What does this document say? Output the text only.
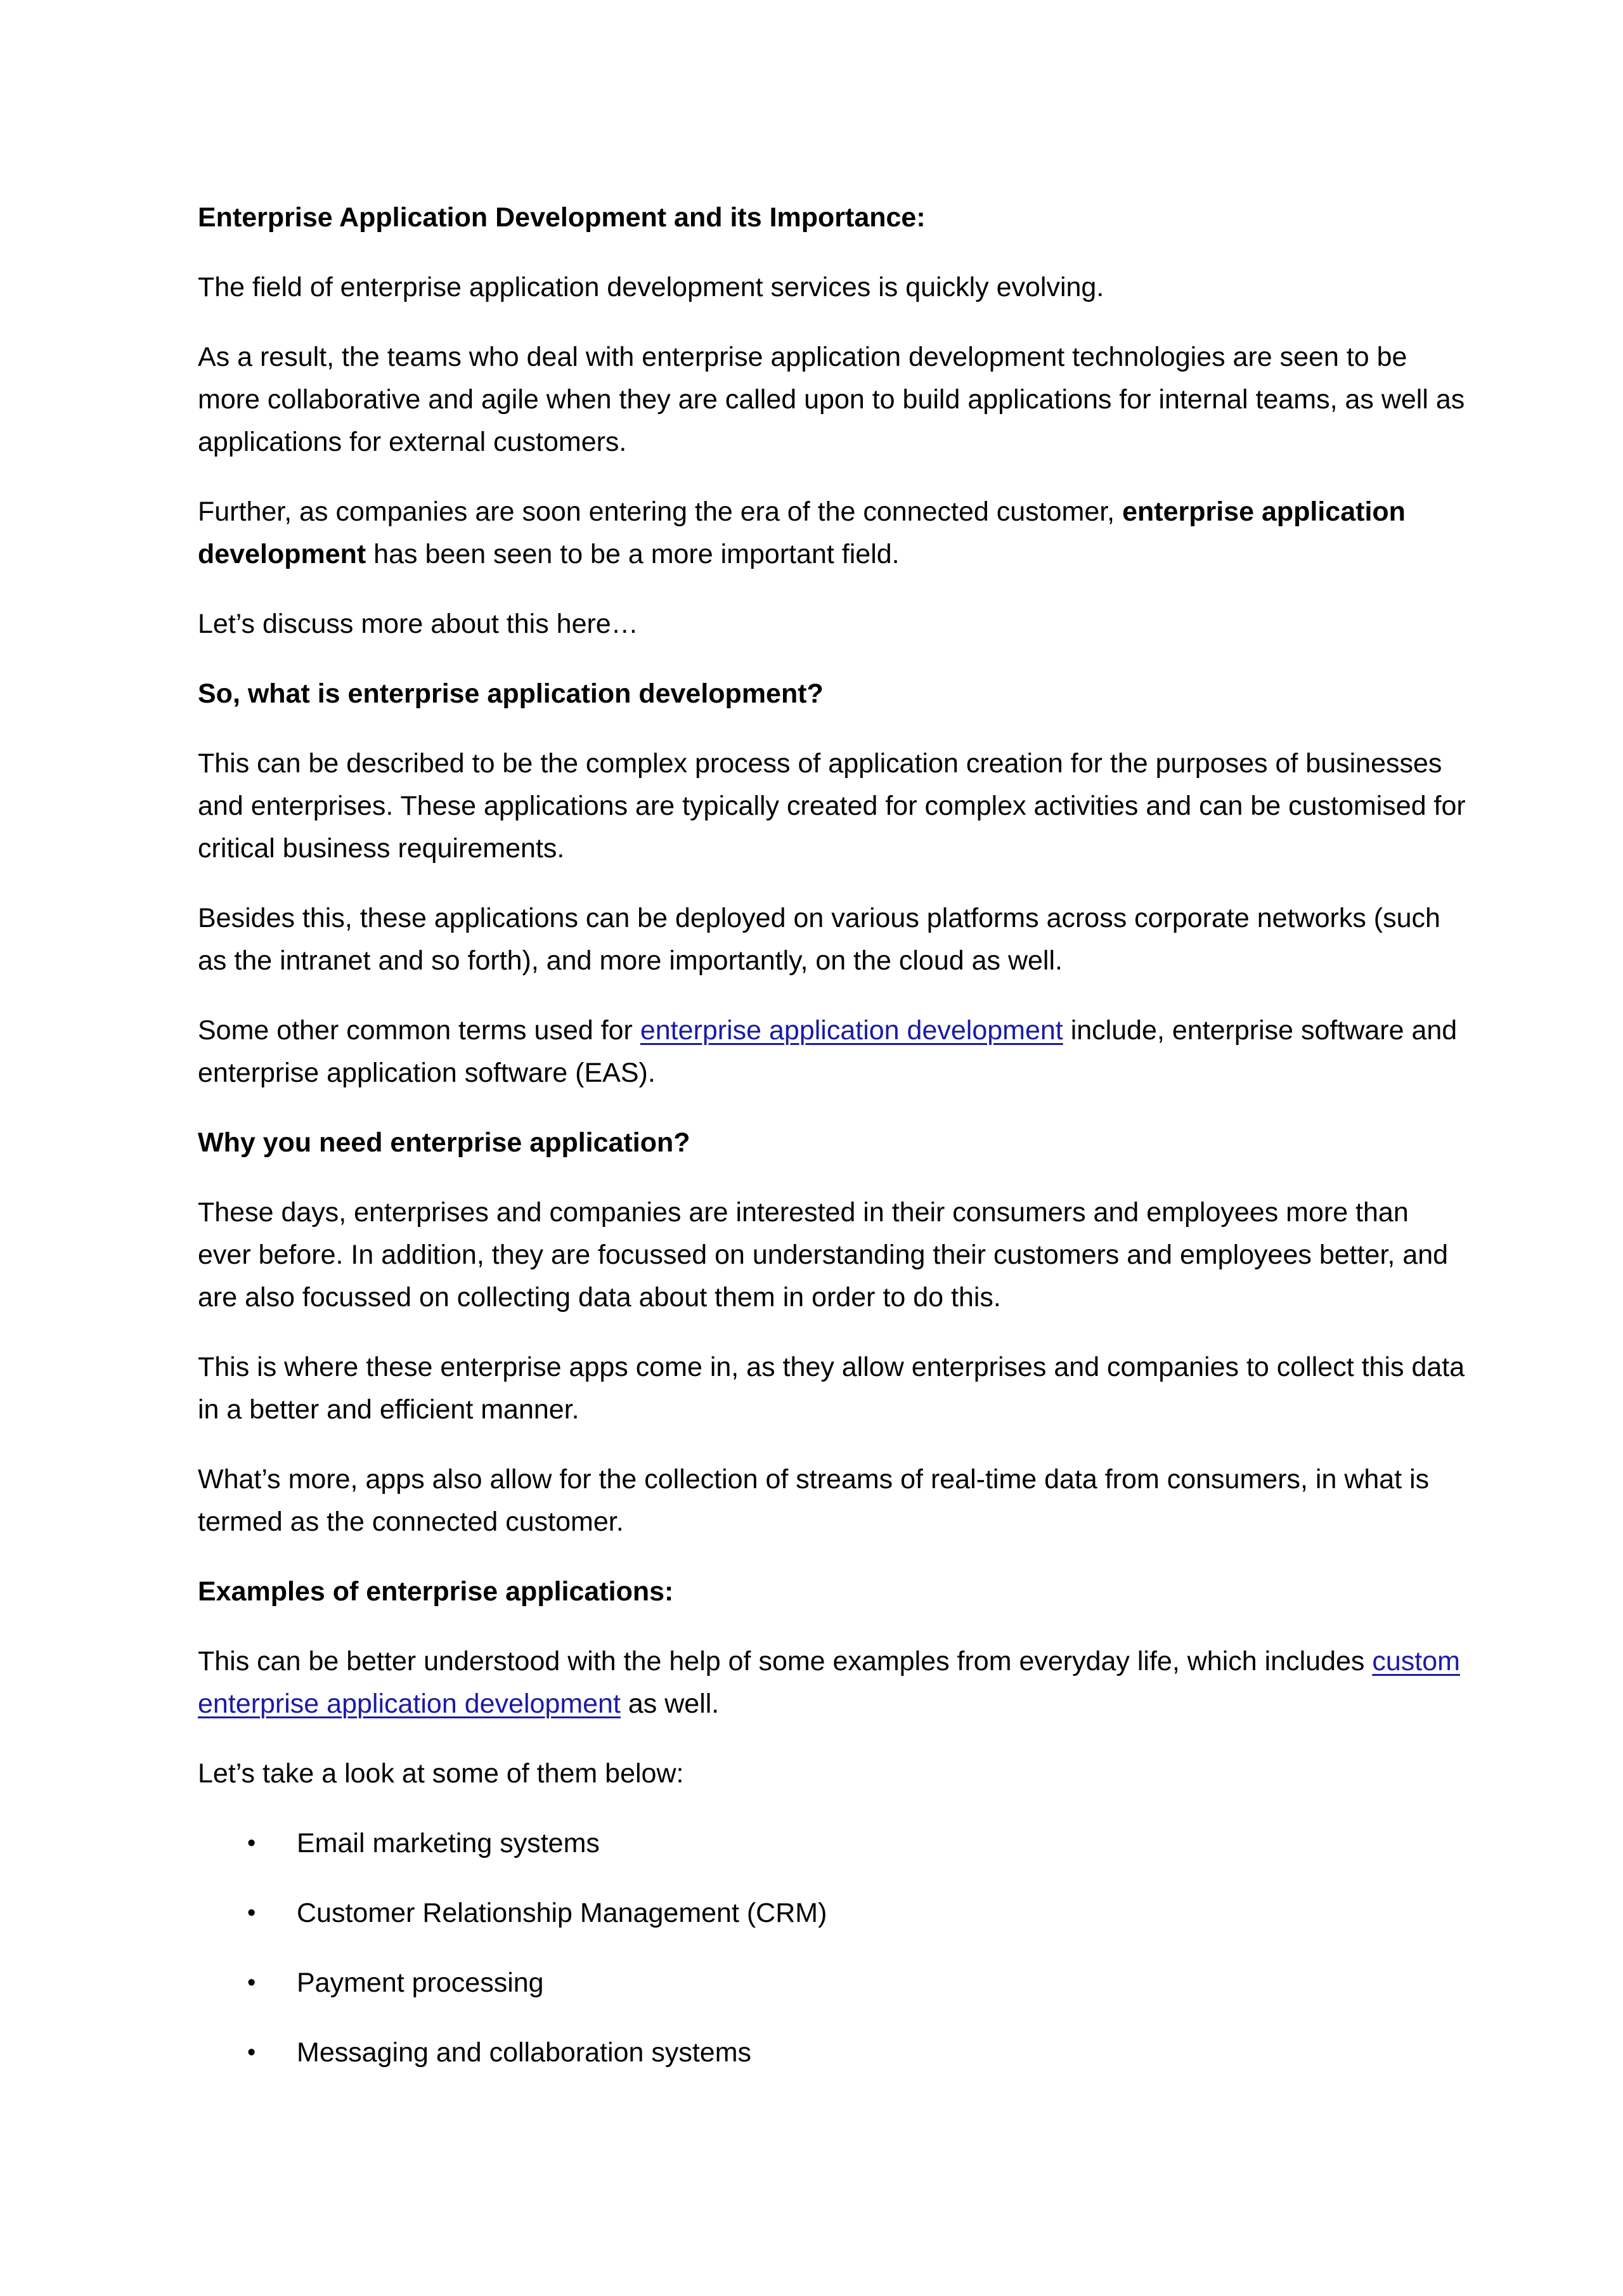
Enterprise Application Development and its Importance:

The field of enterprise application development services is quickly evolving.

As a result, the teams who deal with enterprise application development technologies are seen to be more collaborative and agile when they are called upon to build applications for internal teams, as well as applications for external customers.

Further, as companies are soon entering the era of the connected customer, enterprise application development has been seen to be a more important field.

Let’s discuss more about this here…

So, what is enterprise application development?

This can be described to be the complex process of application creation for the purposes of businesses and enterprises. These applications are typically created for complex activities and can be customised for critical business requirements.

Besides this, these applications can be deployed on various platforms across corporate networks (such as the intranet and so forth), and more importantly, on the cloud as well.

Some other common terms used for enterprise application development include, enterprise software and enterprise application software (EAS).

Why you need enterprise application?

These days, enterprises and companies are interested in their consumers and employees more than ever before. In addition, they are focussed on understanding their customers and employees better, and are also focussed on collecting data about them in order to do this.

This is where these enterprise apps come in, as they allow enterprises and companies to collect this data in a better and efficient manner.

What’s more, apps also allow for the collection of streams of real-time data from consumers, in what is termed as the connected customer.

Examples of enterprise applications:

This can be better understood with the help of some examples from everyday life, which includes custom enterprise application development as well.

Let’s take a look at some of them below:

• Email marketing systems
• Customer Relationship Management (CRM)
• Payment processing
• Messaging and collaboration systems
